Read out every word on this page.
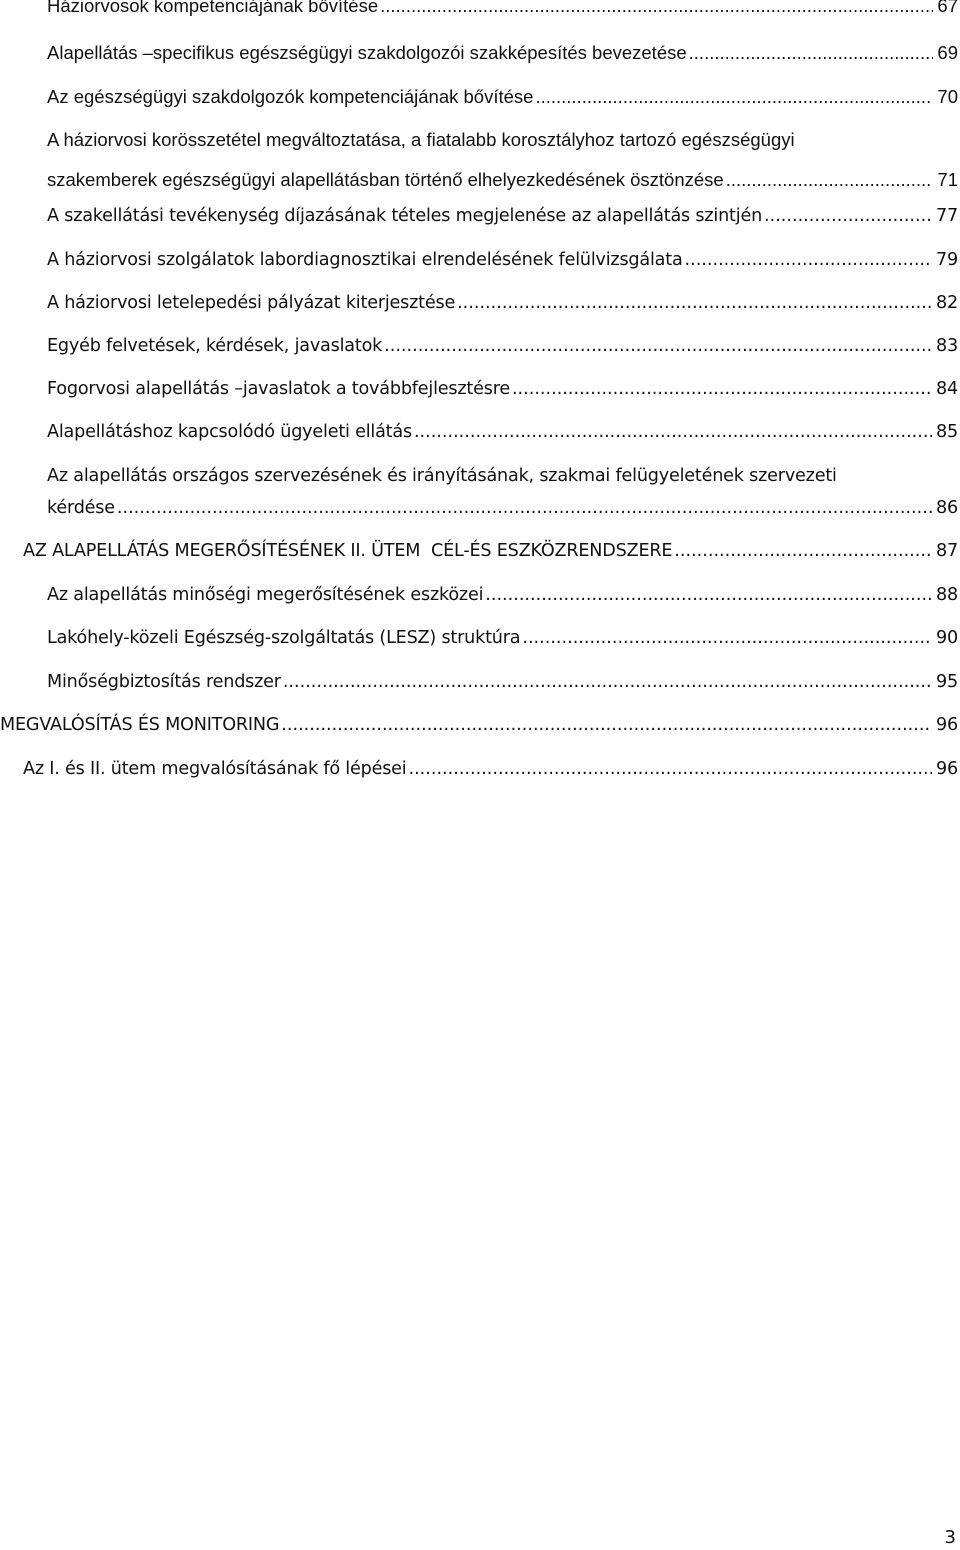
Háziorvosok kompetenciájának bővítése .....	67
Alapellátás –specifikus egészségügyi szakdolgozói szakképesítés bevezetése .....	69
Az egészségügyi szakdolgozók kompetenciájának bővítése .....	70
A háziorvosi korösszetétel megváltoztatása, a fiatalabb korosztályhoz tartozó egészségügyi
szakemberek egészségügyi alapellátásban történő elhelyezkedésének ösztönzése .....	71
A szakellátási tevékenység díjazásának tételes megjelenése az alapellátás szintjén .....	77
A háziorvosi szolgálatok labordiagnosztikai elrendelésének felülvizsgálata .....	79
A háziorvosi letelepedési pályázat kiterjesztése .....	82
Egyéb felvetések, kérdések, javaslatok .....	83
Fogorvosi alapellátás –javaslatok a továbbfejlesztésre .....	84
Alapellátáshoz kapcsolódó ügyeleti ellátás .....	85
Az alapellátás országos szervezésének és irányításának, szakmai felügyeletének szervezeti
kérdése .....	86
AZ ALAPELLÁTÁS MEGERŐSÍTÉSÉNEK II. ÜTEM  CÉL-ÉS ESZKÖZRENDSZERE .....	87
Az alapellátás minőségi megerősítésének eszközei .....	88
Lakóhely-közeli Egészség-szolgáltatás (LESZ) struktúra .....	90
Minőségbiztosítás rendszer .....	95
MEGVALÓSÍTÁS ÉS MONITORING .....	96
Az I. és II. ütem megvalósításának fő lépései .....	96
3
